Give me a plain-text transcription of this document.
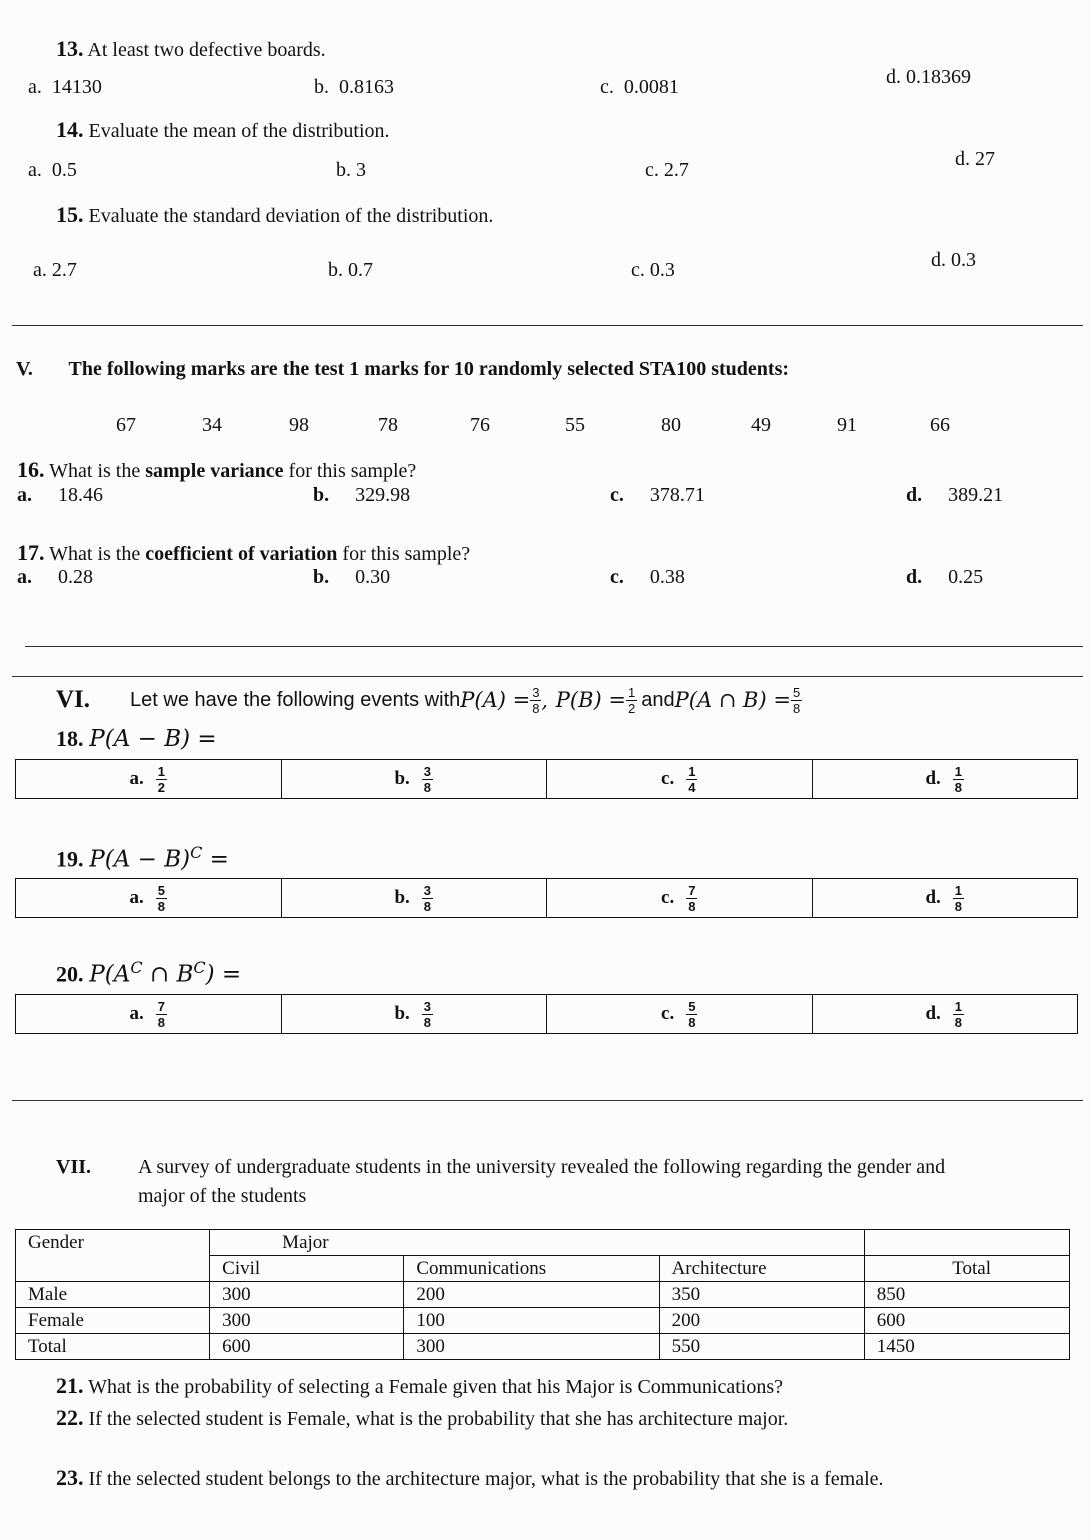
13. At least two defective boards.
a. 14130	b. 0.8163	c. 0.0081	d. 0.18369
14. Evaluate the mean of the distribution.
a. 0.5	b. 3	c. 2.7	d. 27
15. Evaluate the standard deviation of the distribution.
a. 2.7	b. 0.7	c. 0.3	d. 0.3
V. The following marks are the test 1 marks for 10 randomly selected STA100 students:
67	34	98	78	76	55	80	49	91	66
16. What is the sample variance for this sample?
a. 18.46	b. 329.98	c. 378.71	d. 389.21
17. What is the coefficient of variation for this sample?
a. 0.28	b. 0.30	c. 0.38	d. 0.25
VI. Let we have the following events with $P(A) = \frac{3}{8}$ , $P(B) = \frac{1}{2}$ and P(A ∩ $B) = \frac{5}{8}$
18. P(A − B) =
a. $\frac{1}{2}$	b. $\frac{3}{8}$	c. $\frac{1}{4}$	d. $\frac{1}{8}$
19. $P(A - B)^C$ =
a. $\frac{5}{8}$	b. $\frac{3}{8}$	c. $\frac{7}{8}$	d. $\frac{1}{8}$
20. $P(A^C$ ∩ $B^C$) =
a. $\frac{7}{8}$	b. $\frac{3}{8}$	c. $\frac{5}{8}$	d. $\frac{1}{8}$
VII. A survey of undergraduate students in the university revealed the following regarding the gender and
major of the students
Gender	Major			
	Civil	Communications	Architecture	Total
Male	300	200	350	850
Female	300	100	200	600
Total	600	300	550	1450
21. What is the probability of selecting a Female given that his Major is Communications?
22. If the selected student is Female, what is the probability that she has architecture major.
23. If the selected student belongs to the architecture major, what is the probability that she is a female.
